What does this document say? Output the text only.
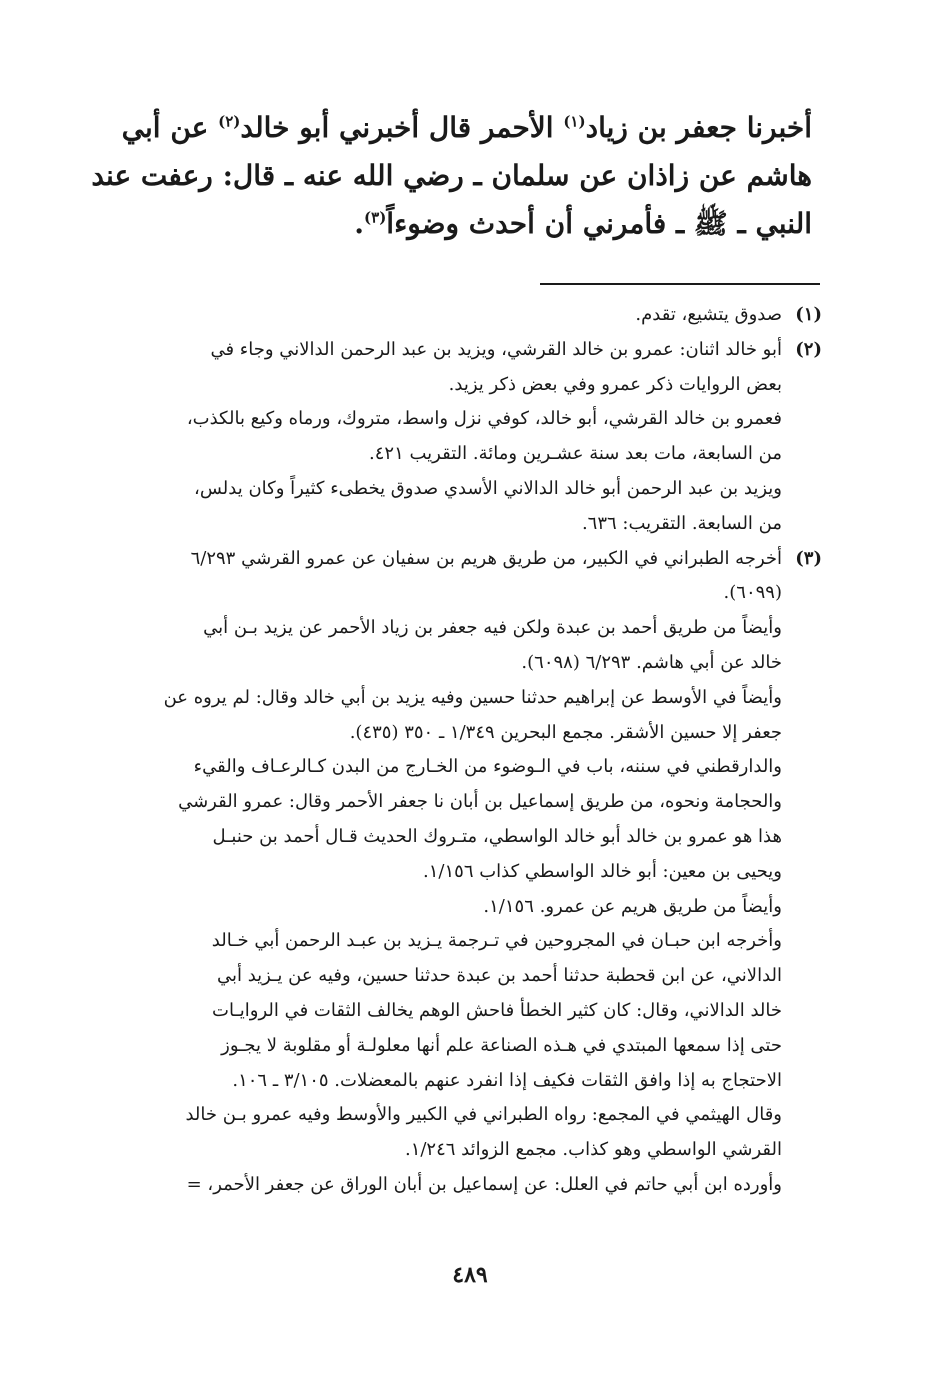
أخبرنا جعفر بن زياد$^{(١)}$ الأحمر قال أخبرني أبو خالد$^{(٢)}$ عن أبي

هاشم عن زاذان عن سلمان ـ رضي الله عنه ـ قال: رعفت عند

النبي ـ ﷺ ـ فأمرني أن أحدث وضوءاً$^{(٣)}$.

(١)
صدوق يتشيع، تقدم.
(٢)
أبو خالد اثنان: عمرو بن خالد القرشي، ويزيد بن عبد الرحمن الدالاني وجاء في
بعض الروايات ذكر عمرو وفي بعض ذكر يزيد.
فعمرو بن خالد القرشي، أبو خالد، كوفي نزل واسط، متروك، ورماه وكيع بالكذب،
من السابعة، مات بعد سنة عشـرين ومائة. التقريب ٤٢١.
ويزيد بن عبد الرحمن أبو خالد الدالاني الأسدي صدوق يخطىء كثيراً وكان يدلس،
من السابعة. التقريب: ٦٣٦.
(٣)
أخرجه الطبراني في الكبير، من طريق هريم بن سفيان عن عمرو القرشي ٦/٢٩٣
(٦٠٩٩).
وأيضاً من طريق أحمد بن عبدة ولكن فيه جعفر بن زياد الأحمر عن يزيد بـن أبي
خالد عن أبي هاشم. ٦/٢٩٣ (٦٠٩٨).
وأيضاً في الأوسط عن إبراهيم حدثنا حسين وفيه يزيد بن أبي خالد وقال: لم يروه عن
جعفر إلا حسين الأشقر. مجمع البحرين ١/٣٤٩ ـ ٣٥٠ (٤٣٥).
والدارقطني في سننه، باب في الـوضوء من الخـارج من البدن كـالرعـاف والقيء
والحجامة ونحوه، من طريق إسماعيل بن أبان نا جعفر الأحمر وقال: عمرو القرشي
هذا هو عمرو بن خالد أبو خالد الواسطي، متـروك الحديث قـال أحمد بن حنبـل
ويحيى بن معين: أبو خالد الواسطي كذاب ١/١٥٦.
وأيضاً من طريق هريم عن عمرو. ١/١٥٦.
وأخرجه ابن حبـان في المجروحين في تـرجمة يـزيد بن عبـد الرحمن أبي خـالد
الدالاني، عن ابن قحطبة حدثنا أحمد بن عبدة حدثنا حسين، وفيه عن يـزيد أبي
خالد الدالاني، وقال: كان كثير الخطأ فاحش الوهم يخالف الثقات في الروايـات
حتى إذا سمعها المبتدي في هـذه الصناعة علم أنها معلولـة أو مقلوبة لا يجـوز
الاحتجاج به إذا وافق الثقات فكيف إذا انفرد عنهم بالمعضلات. ٣/١٠٥ ـ ١٠٦.
وقال الهيثمي في المجمع: رواه الطبراني في الكبير والأوسط وفيه عمرو بـن خالد
القرشي الواسطي وهو كذاب. مجمع الزوائد ١/٢٤٦.
وأورده ابن أبي حاتم في العلل: عن إسماعيل بن أبان الوراق عن جعفر الأحمر، =
٤٨٩
